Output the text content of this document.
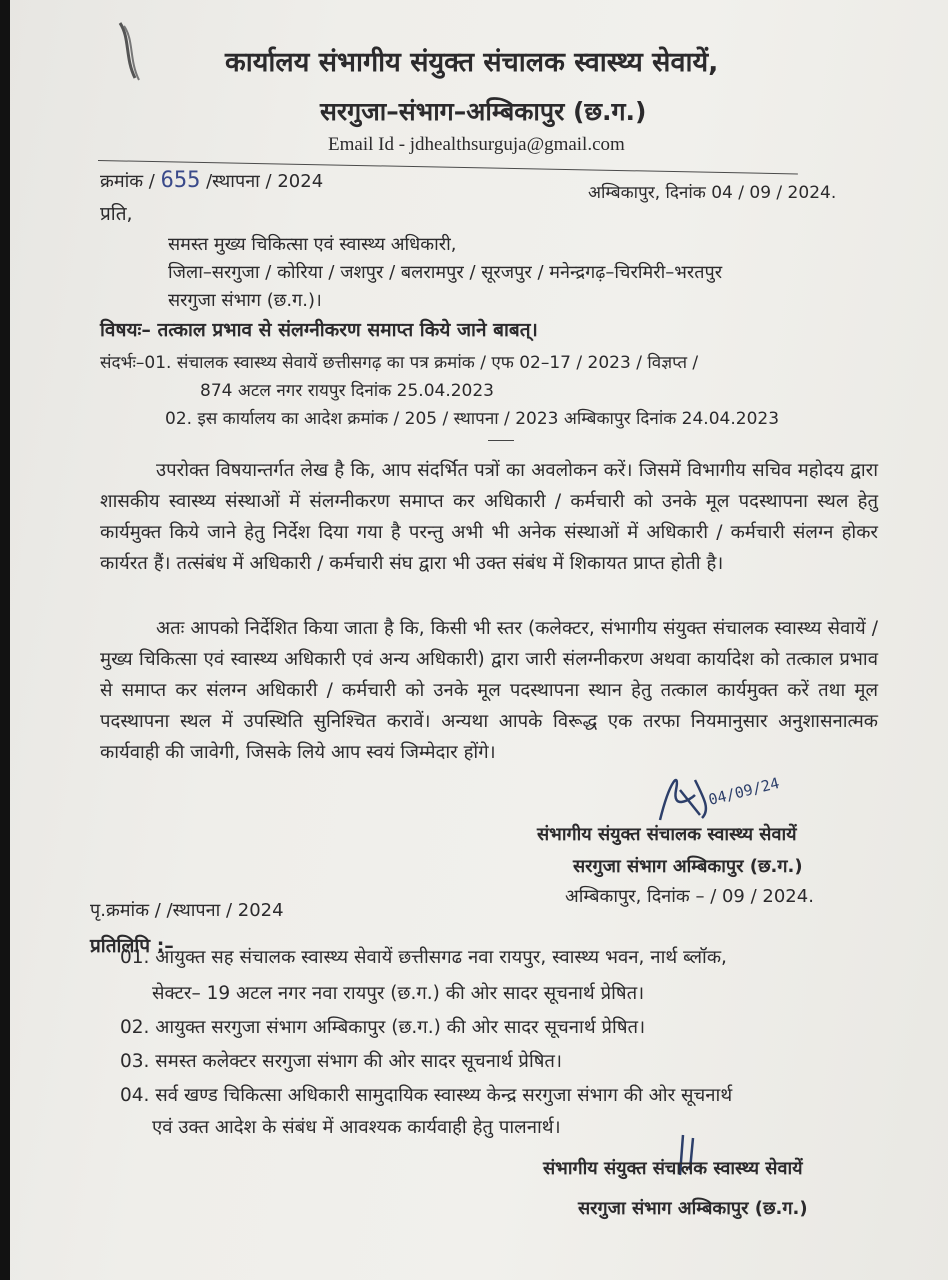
कार्यालय संभागीय संयुक्त संचालक स्वास्थ्य सेवायें,
सरगुजा–संभाग–अम्बिकापुर (छ.ग.)
Email Id - jdhealthsurguja@gmail.com
क्रमांक / 655 /स्थापना / 2024
अम्बिकापुर, दिनांक 04 / 09 / 2024.
प्रति,
समस्त मुख्य चिकित्सा एवं स्वास्थ्य अधिकारी,
जिला–सरगुजा / कोरिया / जशपुर / बलरामपुर / सूरजपुर / मनेन्द्रगढ़–चिरमिरी–भरतपुर
सरगुजा संभाग (छ.ग.)।
विषयः– तत्काल प्रभाव से संलग्नीकरण समाप्त किये जाने बाबत्।
संदर्भः–01. संचालक स्वास्थ्य सेवायें छत्तीसगढ़ का पत्र क्रमांक / एफ 02–17 / 2023 / विज्ञप्त /
874 अटल नगर रायपुर दिनांक 25.04.2023
02. इस कार्यालय का आदेश क्रमांक / 205 / स्थापना / 2023 अम्बिकापुर दिनांक 24.04.2023
उपरोक्त विषयान्तर्गत लेख है कि, आप संदर्भित पत्रों का अवलोकन करें। जिसमें विभागीय सचिव महोदय द्वारा शासकीय स्वास्थ्य संस्थाओं में संलग्नीकरण समाप्त कर अधिकारी / कर्मचारी को उनके मूल पदस्थापना स्थल हेतु कार्यमुक्त किये जाने हेतु निर्देश दिया गया है परन्तु अभी भी अनेक संस्थाओं में अधिकारी / कर्मचारी संलग्न होकर कार्यरत हैं। तत्संबंध में अधिकारी / कर्मचारी संघ द्वारा भी उक्त संबंध में शिकायत प्राप्त होती है।
अतः आपको निर्देशित किया जाता है कि, किसी भी स्तर (कलेक्टर, संभागीय संयुक्त संचालक स्वास्थ्य सेवायें / मुख्य चिकित्सा एवं स्वास्थ्य अधिकारी एवं अन्य अधिकारी) द्वारा जारी संलग्नीकरण अथवा कार्यादेश को तत्काल प्रभाव से समाप्त कर संलग्न अधिकारी / कर्मचारी को उनके मूल पदस्थापना स्थान हेतु तत्काल कार्यमुक्त करें तथा मूल पदस्थापना स्थल में उपस्थिति सुनिश्चित करावें। अन्यथा आपके विरूद्ध एक तरफा नियमानुसार अनुशासनात्मक कार्यवाही की जावेगी, जिसके लिये आप स्वयं जिम्मेदार होंगे।
04/09/24
संभागीय संयुक्त संचालक स्वास्थ्य सेवायें
सरगुजा संभाग अम्बिकापुर (छ.ग.)
पृ.क्रमांक / /स्थापना / 2024
अम्बिकापुर, दिनांक – / 09 / 2024.
प्रतिलिपि :–
01. आयुक्त सह संचालक स्वास्थ्य सेवायें छत्तीसगढ नवा रायपुर, स्वास्थ्य भवन, नार्थ ब्लॉक,
सेक्टर– 19 अटल नगर नवा रायपुर (छ.ग.) की ओर सादर सूचनार्थ प्रेषित।
02. आयुक्त सरगुजा संभाग अम्बिकापुर (छ.ग.) की ओर सादर सूचनार्थ प्रेषित।
03. समस्त कलेक्टर सरगुजा संभाग की ओर सादर सूचनार्थ प्रेषित।
04. सर्व खण्ड चिकित्सा अधिकारी सामुदायिक स्वास्थ्य केन्द्र सरगुजा संभाग की ओर सूचनार्थ
एवं उक्त आदेश के संबंध में आवश्यक कार्यवाही हेतु पालनार्थ।
संभागीय संयुक्त संचालक स्वास्थ्य सेवायें
सरगुजा संभाग अम्बिकापुर (छ.ग.)
